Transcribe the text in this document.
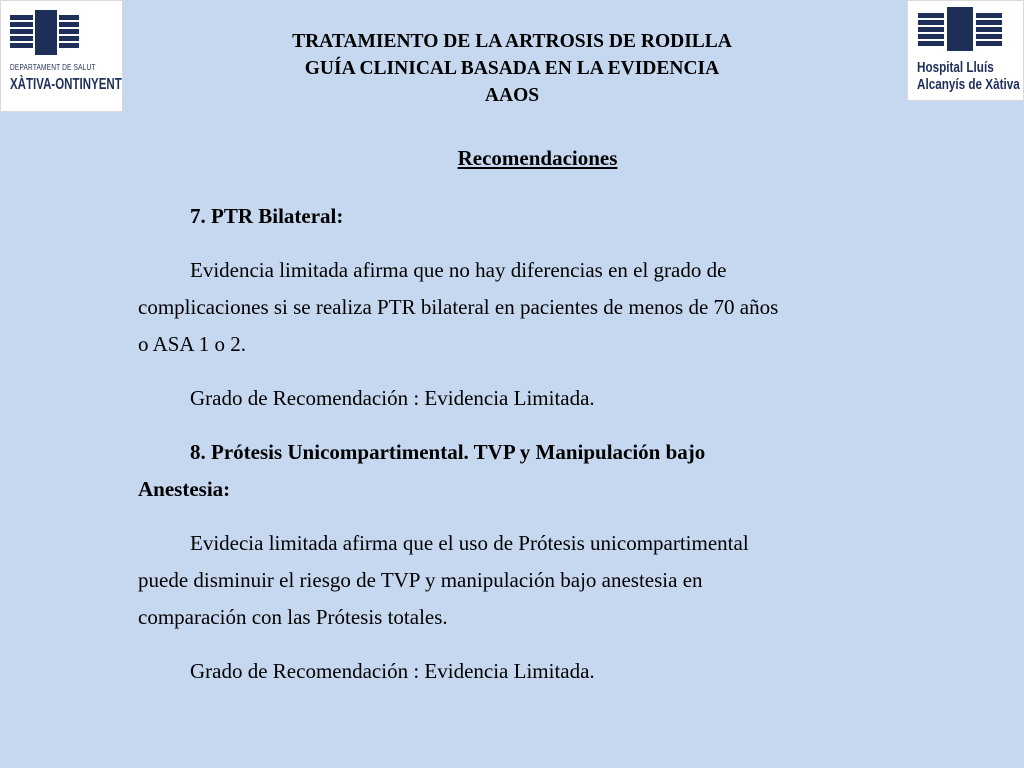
DEPARTAMENT DE SALUT
XÀTIVA-ONTINYENT
Hospital Lluís
Alcanyís de Xàtiva
TRATAMIENTO DE LA ARTROSIS DE RODILLA
GUÍA CLINICAL BASADA EN LA EVIDENCIA
AAOS
Recomendaciones

7. PTR Bilateral:

Evidencia limitada afirma que no hay diferencias en el grado de
complicaciones si se realiza PTR bilateral en pacientes de menos de 70 años
o ASA 1 o 2.

Grado de Recomendación : Evidencia Limitada.

8. Prótesis Unicompartimental. TVP y Manipulación bajo
Anestesia:

Evidecia limitada afirma que el uso de Prótesis unicompartimental
puede disminuir el riesgo de TVP y manipulación bajo anestesia en
comparación con las Prótesis totales.

Grado de Recomendación : Evidencia Limitada.
